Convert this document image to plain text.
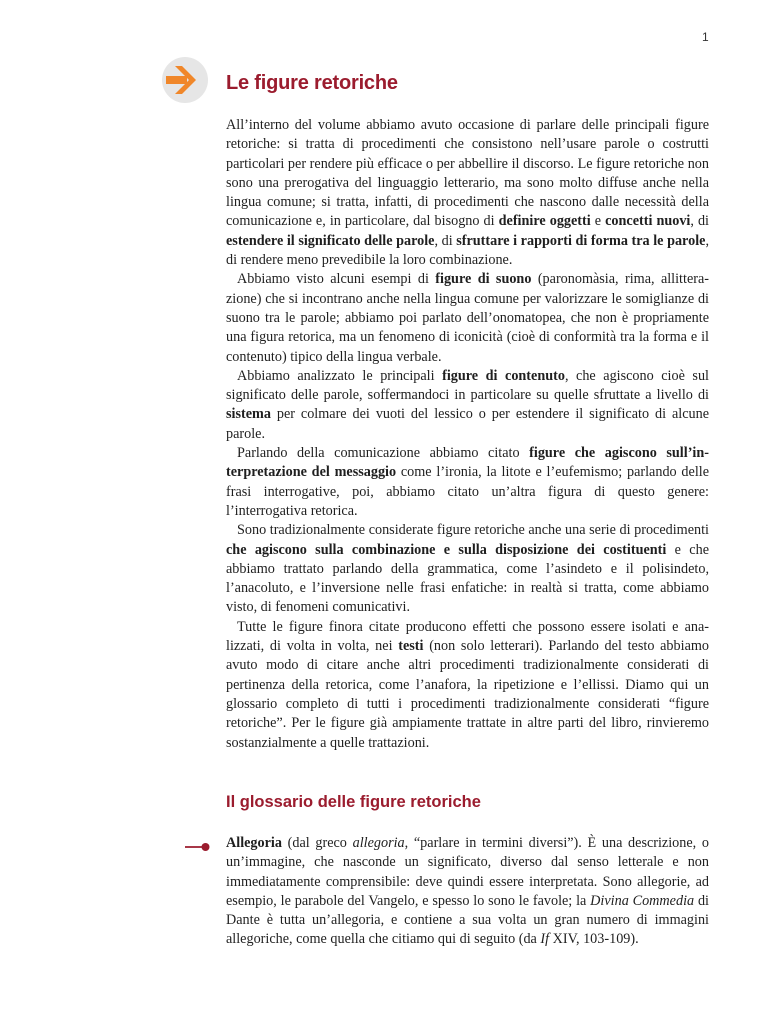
1
Le figure retoriche

All’interno del volume abbiamo avuto occasione di parlare delle principali figure retoriche: si tratta di procedimenti che consistono nell’usare parole o costrutti particolari per rendere più efficace o per abbellire il discorso. Le figure retoriche non sono una prerogativa del linguaggio letterario, ma sono molto diffuse anche nella lingua comune; si tratta, infatti, di procedimenti che nascono dalle necessità della comunicazione e, in particolare, dal bisogno di definire oggetti e concetti nuovi, di estendere il significato delle parole, di sfruttare i rapporti di forma tra le parole, di rendere meno prevedibile la loro combinazione.

Abbiamo visto alcuni esempi di figure di suono (paronomàsia, rima, allitterazione) che si incontrano anche nella lingua comune per valorizzare le somiglianze di suono tra le parole; abbiamo poi parlato dell’onomatopea, che non è propriamente una figura retorica, ma un fenomeno di iconicità (cioè di conformità tra la forma e il contenuto) tipico della lingua verbale.

Abbiamo analizzato le principali figure di contenuto, che agiscono cioè sul significato delle parole, soffermandoci in particolare su quelle sfruttate a livello di sistema per colmare dei vuoti del lessico o per estendere il significato di alcune parole.

Parlando della comunicazione abbiamo citato figure che agiscono sull’interpretazione del messaggio come l’ironia, la litote e l’eufemismo; parlando delle frasi interrogative, poi, abbiamo citato un’altra figura di questo genere: l’interrogativa retorica.

Sono tradizionalmente considerate figure retoriche anche una serie di procedimenti che agiscono sulla combinazione e sulla disposizione dei costituenti e che abbiamo trattato parlando della grammatica, come l’asindeto e il polisindeto, l’anacoluto, e l’inversione nelle frasi enfatiche: in realtà si tratta, come abbiamo visto, di fenomeni comunicativi.

Tutte le figure finora citate producono effetti che possono essere isolati e analizzati, di volta in volta, nei testi (non solo letterari). Parlando del testo abbiamo avuto modo di citare anche altri procedimenti tradizionalmente considerati di pertinenza della retorica, come l’anafora, la ripetizione e l’ellissi. Diamo qui un glossario completo di tutti i procedimenti tradizionalmente considerati “figure retoriche”. Per le figure già ampiamente trattate in altre parti del libro, rinvieremo sostanzialmente a quelle trattazioni.

Il glossario delle figure retoriche

Allegoria (dal greco allegoria, “parlare in termini diversi”). È una descrizione, o un’immagine, che nasconde un significato, diverso dal senso letterale e non immediatamente comprensibile: deve quindi essere interpretata. Sono allegorie, ad esempio, le parabole del Vangelo, e spesso lo sono le favole; la Divina Commedia di Dante è tutta un’allegoria, e contiene a sua volta un gran numero di immagini allegoriche, come quella che citiamo qui di seguito (da If XIV, 103-109).
